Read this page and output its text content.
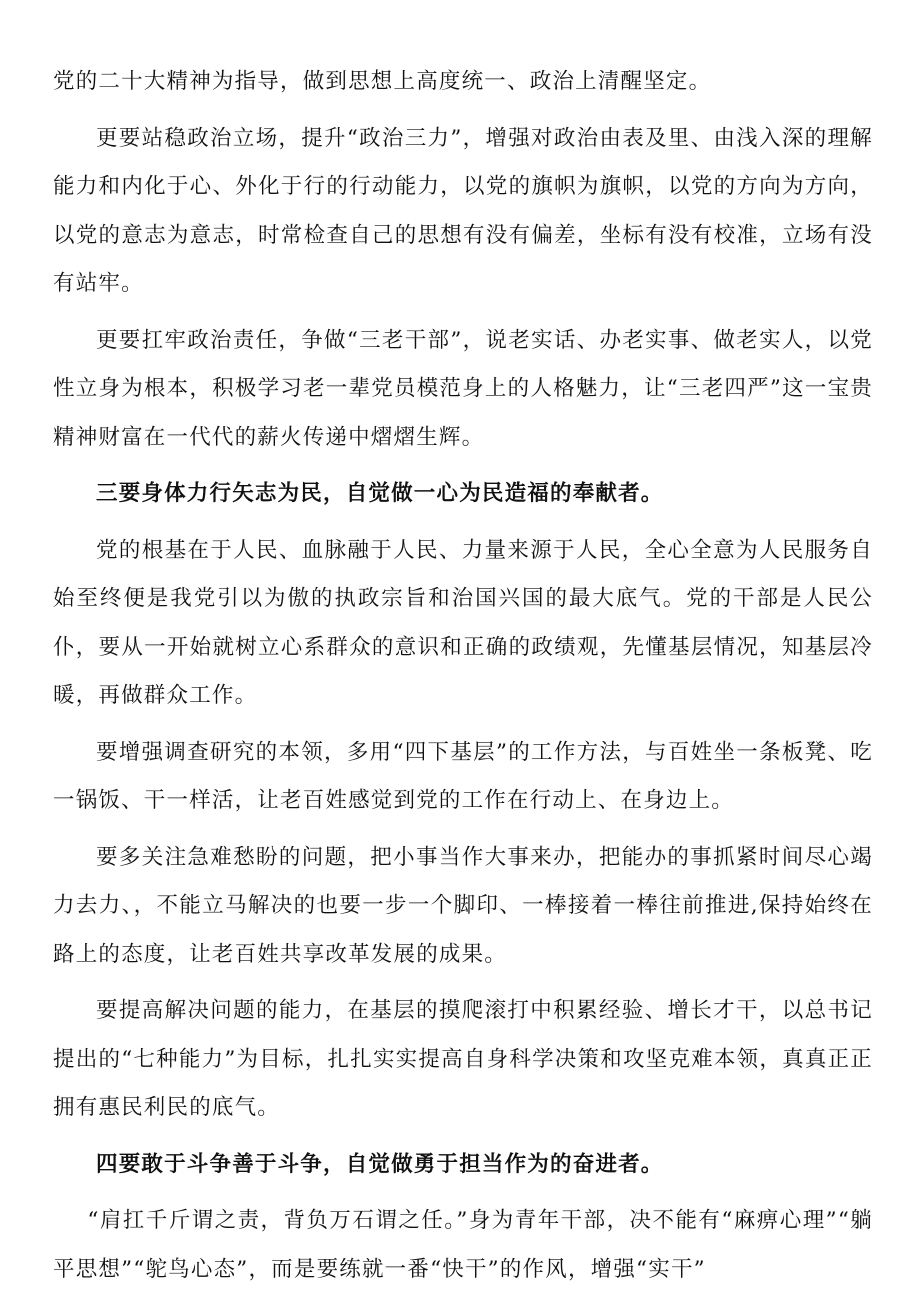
党的二十大精神为指导，做到思想上高度统一、政治上清醒坚定。

更要站稳政治立场，提升“政治三力”，增强对政治由表及里、由浅入深的理解能力和内化于心、外化于行的行动能力，以党的旗帜为旗帜，以党的方向为方向，以党的意志为意志，时常检查自己的思想有没有偏差，坐标有没有校准，立场有没有站牢。

更要扛牢政治责任，争做“三老干部”，说老实话、办老实事、做老实人，以党性立身为根本，积极学习老一辈党员模范身上的人格魅力，让“三老四严”这一宝贵精神财富在一代代的薪火传递中熠熠生辉。

三要身体力行矢志为民，自觉做一心为民造福的奉献者。

党的根基在于人民、血脉融于人民、力量来源于人民，全心全意为人民服务自始至终便是我党引以为傲的执政宗旨和治国兴国的最大底气。党的干部是人民公仆，要从一开始就树立心系群众的意识和正确的政绩观，先懂基层情况，知基层冷暖，再做群众工作。

要增强调查研究的本领，多用“四下基层”的工作方法，与百姓坐一条板凳、吃一锅饭、干一样活，让老百姓感觉到党的工作在行动上、在身边上。

要多关注急难愁盼的问题，把小事当作大事来办，把能办的事抓紧时间尽心竭力去力、，不能立马解决的也要一步一个脚印、一棒接着一棒往前推进,保持始终在路上的态度，让老百姓共享改革发展的成果。

要提高解决问题的能力，在基层的摸爬滚打中积累经验、增长才干，以总书记提出的“七种能力”为目标，扎扎实实提高自身科学决策和攻坚克难本领，真真正正拥有惠民利民的底气。

四要敢于斗争善于斗争，自觉做勇于担当作为的奋进者。

“肩扛千斤谓之责，背负万石谓之任。”身为青年干部，决不能有“麻痹心理”“躺平思想”“鸵鸟心态”，而是要练就一番“快干”的作风，增强“实干”
